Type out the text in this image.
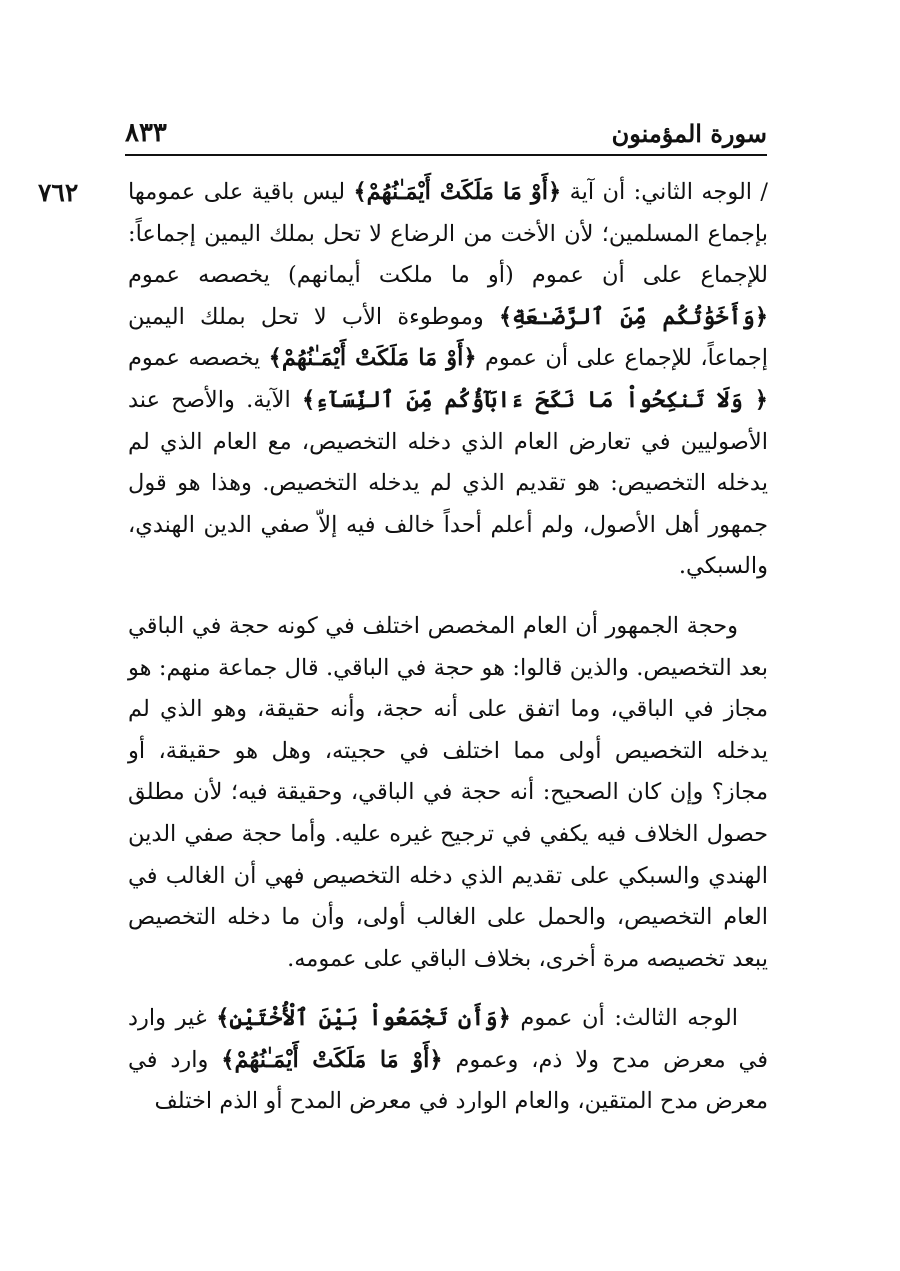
سورة المؤمنون
٨٣٣
٧٦٢	/ الوجه الثاني: أن آية ﴿أَوْ مَا مَلَكَتْ أَيْمَـٰنُهُمْ﴾ ليس باقية على عمومها بإجماع المسلمين؛ لأن الأخت من الرضاع لا تحل بملك اليمين إجماعاً: للإجماع على أن عموم (أو ما ملكت أيمانهم) يخصصه عموم ﴿وَأَخَوَٰتُكُم مِّنَ ٱلرَّضَـٰعَةِ﴾ وموطوءة الأب لا تحل بملك اليمين إجماعاً، للإجماع على أن عموم ﴿أَوْ مَا مَلَكَتْ أَيْمَـٰنُهُمْ﴾ يخصصه عموم ﴿ وَلَا تَنكِحُواْ مَا نَكَحَ ءَابَآؤُكُم مِّنَ ٱلنِّسَآءِ﴾ الآية. والأصح عند الأصوليين في تعارض العام الذي دخله التخصيص، مع العام الذي لم يدخله التخصيص: هو تقديم الذي لم يدخله التخصيص. وهذا هو قول جمهور أهل الأصول، ولم أعلم أحداً خالف فيه إلاّ صفي الدين الهندي، والسبكي.

وحجة الجمهور أن العام المخصص اختلف في كونه حجة في الباقي بعد التخصيص. والذين قالوا: هو حجة في الباقي. قال جماعة منهم: هو مجاز في الباقي، وما اتفق على أنه حجة، وأنه حقيقة، وهو الذي لم يدخله التخصيص أولى مما اختلف في حجيته، وهل هو حقيقة، أو مجاز؟ وإن كان الصحيح: أنه حجة في الباقي، وحقيقة فيه؛ لأن مطلق حصول الخلاف فيه يكفي في ترجيح غيره عليه. وأما حجة صفي الدين الهندي والسبكي على تقديم الذي دخله التخصيص فهي أن الغالب في العام التخصيص، والحمل على الغالب أولى، وأن ما دخله التخصيص يبعد تخصيصه مرة أخرى، بخلاف الباقي على عمومه.

الوجه الثالث: أن عموم ﴿وَأَن تَجْمَعُواْ بَيْنَ ٱلْأُخْتَيْنِ﴾ غير وارد في معرض مدح ولا ذم، وعموم ﴿أَوْ مَا مَلَكَتْ أَيْمَـٰنُهُمْ﴾ وارد في معرض مدح المتقين، والعام الوارد في معرض المدح أو الذم اختلف
